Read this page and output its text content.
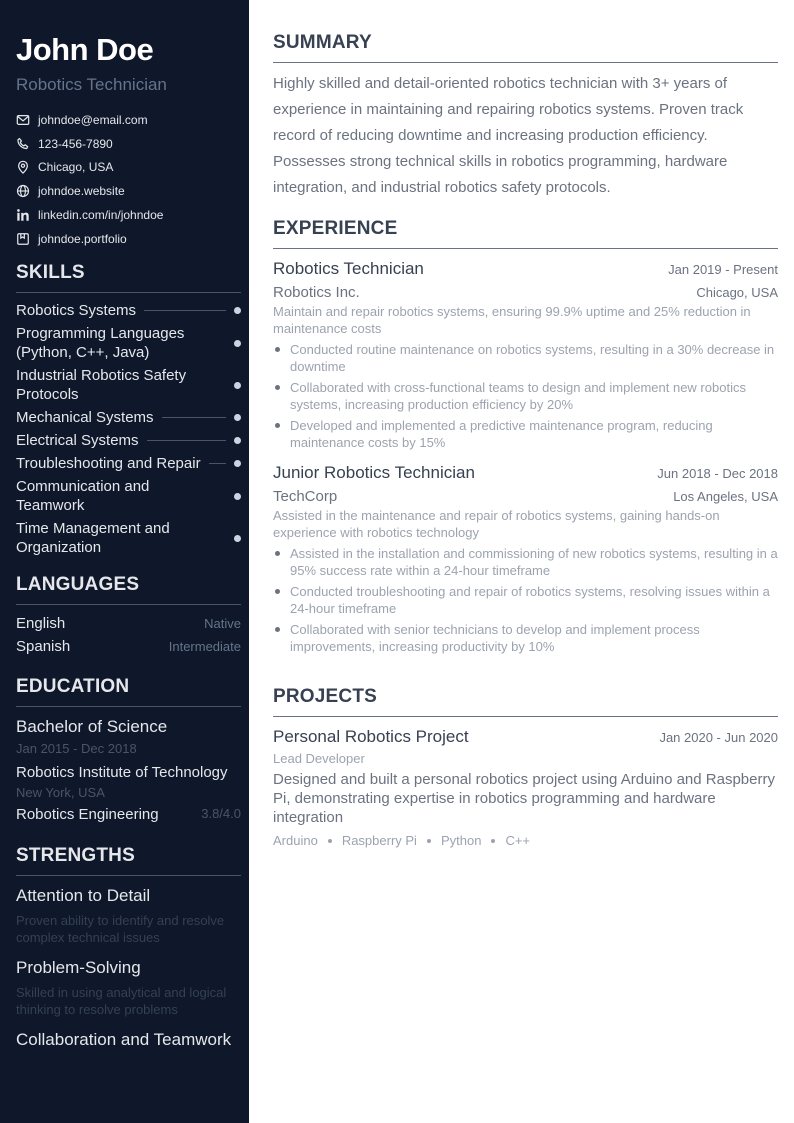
John Doe
Robotics Technician
johndoe@email.com
123-456-7890
Chicago, USA
johndoe.website
linkedin.com/in/johndoe
johndoe.portfolio
SKILLS
Robotics Systems
Programming Languages (Python, C++, Java)
Industrial Robotics Safety Protocols
Mechanical Systems
Electrical Systems
Troubleshooting and Repair
Communication and Teamwork
Time Management and Organization
LANGUAGES
English	Native
Spanish	Intermediate
EDUCATION
Bachelor of Science
Jan 2015 - Dec 2018
Robotics Institute of Technology
New York, USA
Robotics Engineering	3.8/4.0
STRENGTHS
Attention to Detail
Proven ability to identify and resolve complex technical issues
Problem-Solving
Skilled in using analytical and logical thinking to resolve problems
Collaboration and Teamwork
SUMMARY

Highly skilled and detail-oriented robotics technician with 3+ years of experience in maintaining and repairing robotics systems. Proven track record of reducing downtime and increasing production efficiency. Possesses strong technical skills in robotics programming, hardware integration, and industrial robotics safety protocols.

EXPERIENCE
Robotics Technician	Jan 2019 - Present
Robotics Inc.	Chicago, USA
Maintain and repair robotics systems, ensuring 99.9% uptime and 25% reduction in maintenance costs
Conducted routine maintenance on robotics systems, resulting in a 30% decrease in downtime
Collaborated with cross-functional teams to design and implement new robotics systems, increasing production efficiency by 20%
Developed and implemented a predictive maintenance program, reducing maintenance costs by 15%
Junior Robotics Technician	Jun 2018 - Dec 2018
TechCorp	Los Angeles, USA
Assisted in the maintenance and repair of robotics systems, gaining hands-on experience with robotics technology
Assisted in the installation and commissioning of new robotics systems, resulting in a 95% success rate within a 24-hour timeframe
Conducted troubleshooting and repair of robotics systems, resolving issues within a 24-hour timeframe
Collaborated with senior technicians to develop and implement process improvements, increasing productivity by 10%
PROJECTS
Personal Robotics Project	Jan 2020 - Jun 2020
Lead Developer
Designed and built a personal robotics project using Arduino and Raspberry Pi, demonstrating expertise in robotics programming and hardware integration
Arduino Raspberry Pi Python C++
